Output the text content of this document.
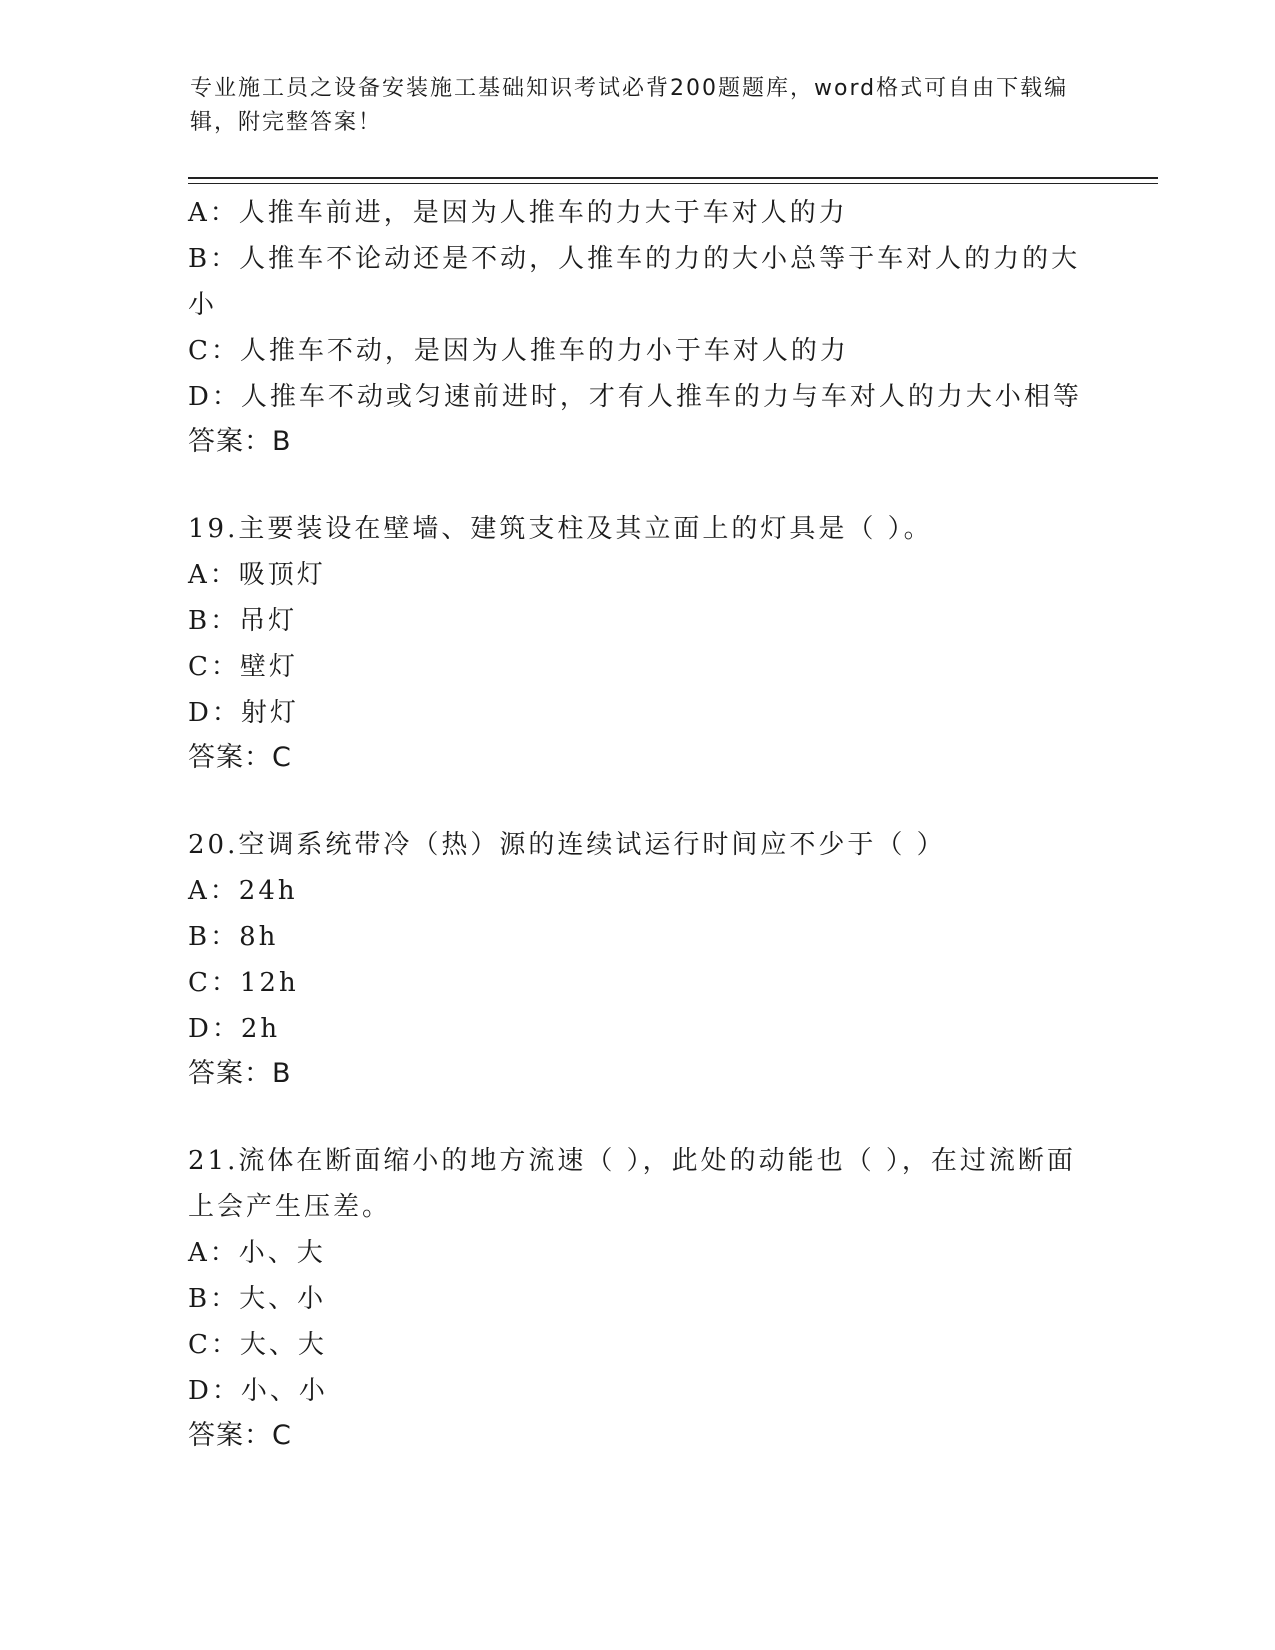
专业施工员之设备安装施工基础知识考试必背200题题库，word格式可自由下载编辑，附完整答案！
A：人推车前进，是因为人推车的力大于车对人的力
B：人推车不论动还是不动，人推车的力的大小总等于车对人的力的大小
C：人推车不动，是因为人推车的力小于车对人的力
D：人推车不动或匀速前进时，才有人推车的力与车对人的力大小相等
答案：B
19.主要装设在壁墙、建筑支柱及其立面上的灯具是（ ）。
A：吸顶灯
B：吊灯
C：壁灯
D：射灯
答案：C
20.空调系统带冷（热）源的连续试运行时间应不少于（ ）
A：24h
B：8h
C：12h
D：2h
答案：B
21.流体在断面缩小的地方流速（ ），此处的动能也（ ），在过流断面上会产生压差。
A：小、大
B：大、小
C：大、大
D：小、小
答案：C
